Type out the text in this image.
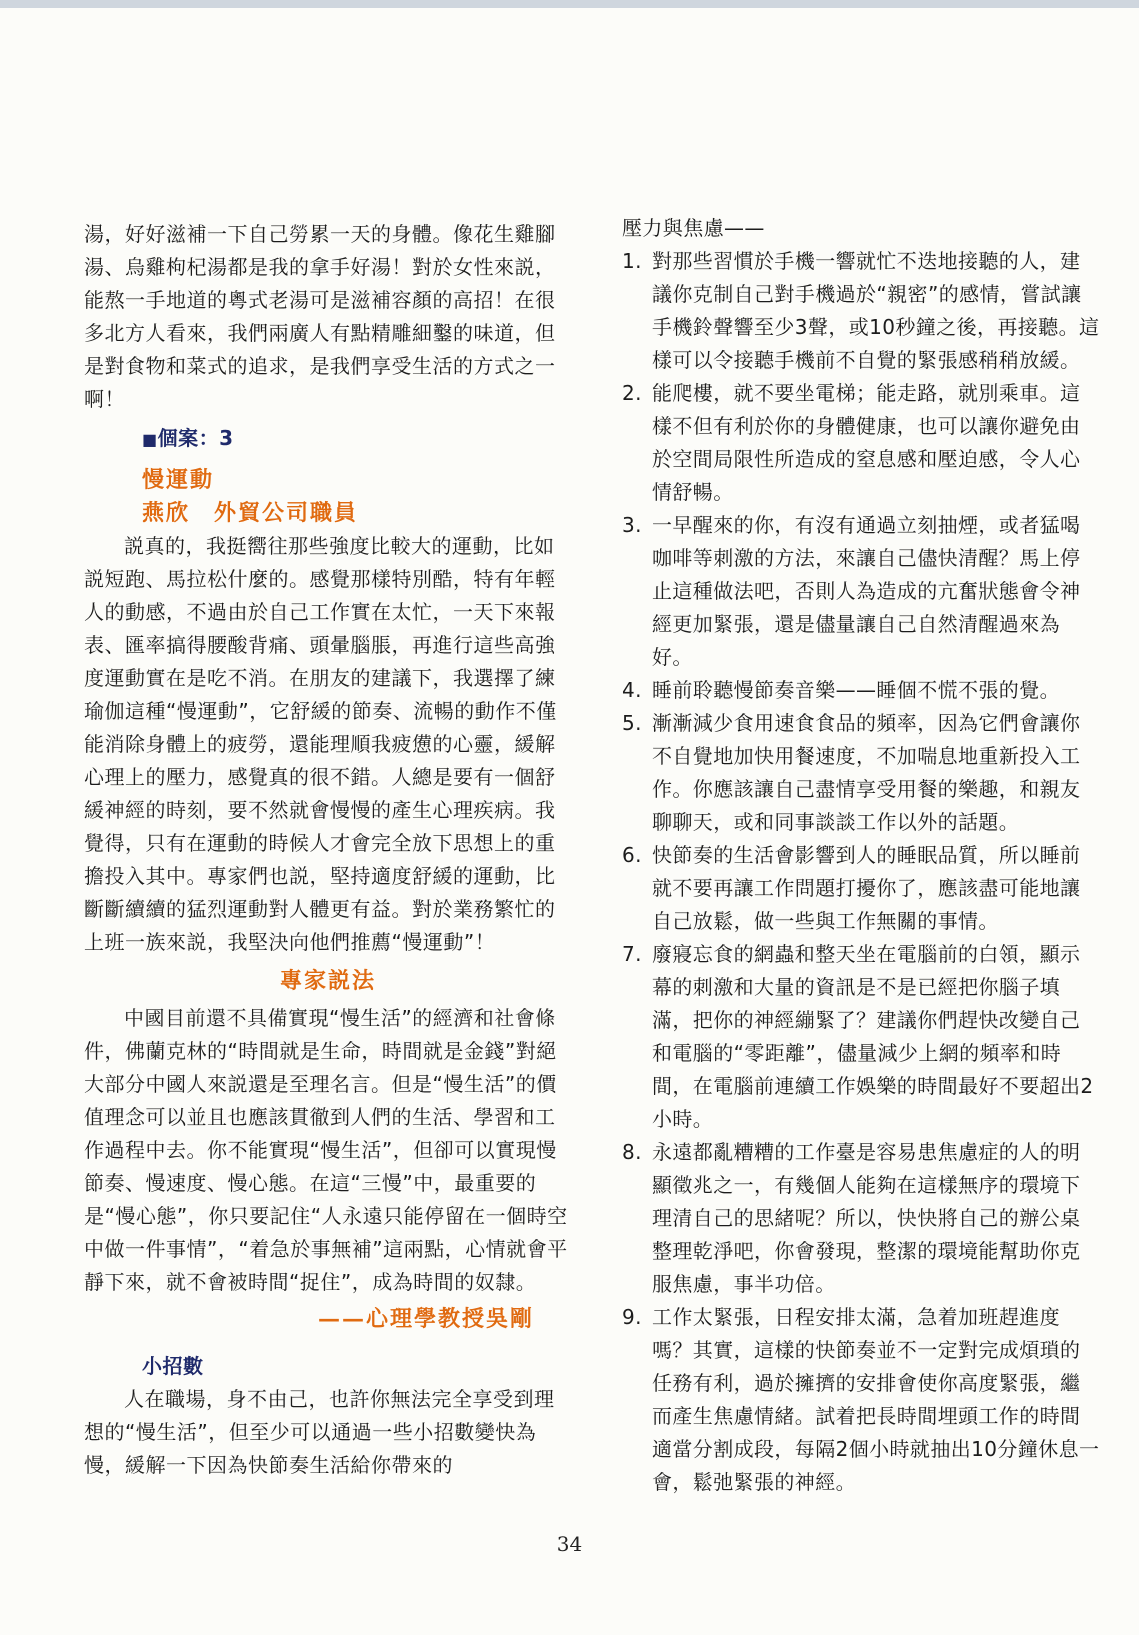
湯，好好滋補一下自己勞累一天的身體。像花生雞腳湯、烏雞枸杞湯都是我的拿手好湯！對於女性來説，能熬一手地道的粵式老湯可是滋補容顏的高招！在很多北方人看來，我們兩廣人有點精雕細鑿的味道，但是對食物和菜式的追求，是我們享受生活的方式之一啊！

■個案：3
慢運動
燕欣　外貿公司職員

説真的，我挺嚮往那些強度比較大的運動，比如説短跑、馬拉松什麼的。感覺那樣特別酷，特有年輕人的動感，不過由於自己工作實在太忙，一天下來報表、匯率搞得腰酸背痛、頭暈腦脹，再進行這些高強度運動實在是吃不消。在朋友的建議下，我選擇了練瑜伽這種“慢運動”，它舒緩的節奏、流暢的動作不僅能消除身體上的疲勞，還能理順我疲憊的心靈，緩解心理上的壓力，感覺真的很不錯。人總是要有一個舒緩神經的時刻，要不然就會慢慢的產生心理疾病。我覺得，只有在運動的時候人才會完全放下思想上的重擔投入其中。專家們也説，堅持適度舒緩的運動，比斷斷續續的猛烈運動對人體更有益。對於業務繁忙的上班一族來説，我堅決向他們推薦“慢運動”！

專家説法

中國目前還不具備實現“慢生活”的經濟和社會條件，佛蘭克林的“時間就是生命，時間就是金錢”對絕大部分中國人來説還是至理名言。但是“慢生活”的價值理念可以並且也應該貫徹到人們的生活、學習和工作過程中去。你不能實現“慢生活”，但卻可以實現慢節奏、慢速度、慢心態。在這“三慢”中，最重要的是“慢心態”，你只要記住“人永遠只能停留在一個時空中做一件事情”，“着急於事無補”這兩點，心情就會平靜下來，就不會被時間“捉住”，成為時間的奴隸。

——心理學教授吳剛
小招數

人在職場，身不由己，也許你無法完全享受到理想的“慢生活”，但至少可以通過一些小招數變快為慢，緩解一下因為快節奏生活給你帶來的

壓力與焦慮——

1. 對那些習慣於手機一響就忙不迭地接聽的人，建議你克制自己對手機過於“親密”的感情，嘗試讓手機鈴聲響至少3聲，或10秒鐘之後，再接聽。這樣可以令接聽手機前不自覺的緊張感稍稍放緩。
2. 能爬樓，就不要坐電梯；能走路，就別乘車。這樣不但有利於你的身體健康，也可以讓你避免由於空間局限性所造成的窒息感和壓迫感，令人心情舒暢。
3. 一早醒來的你，有沒有通過立刻抽煙，或者猛喝咖啡等刺激的方法，來讓自己儘快清醒？馬上停止這種做法吧，否則人為造成的亢奮狀態會令神經更加緊張，還是儘量讓自己自然清醒過來為好。
4. 睡前聆聽慢節奏音樂——睡個不慌不張的覺。
5. 漸漸減少食用速食食品的頻率，因為它們會讓你不自覺地加快用餐速度，不加喘息地重新投入工作。你應該讓自己盡情享受用餐的樂趣，和親友聊聊天，或和同事談談工作以外的話題。
6. 快節奏的生活會影響到人的睡眠品質，所以睡前就不要再讓工作問題打擾你了，應該盡可能地讓自己放鬆，做一些與工作無關的事情。
7. 廢寢忘食的網蟲和整天坐在電腦前的白領，顯示幕的刺激和大量的資訊是不是已經把你腦子填滿，把你的神經繃緊了？建議你們趕快改變自己和電腦的“零距離”，儘量減少上網的頻率和時間，在電腦前連續工作娛樂的時間最好不要超出2小時。
8. 永遠都亂糟糟的工作臺是容易患焦慮症的人的明顯徵兆之一，有幾個人能夠在這樣無序的環境下理清自己的思緒呢？所以，快快將自己的辦公桌整理乾淨吧，你會發現，整潔的環境能幫助你克服焦慮，事半功倍。
9. 工作太緊張，日程安排太滿，急着加班趕進度嗎？其實，這樣的快節奏並不一定對完成煩瑣的任務有利，過於擁擠的安排會使你高度緊張，繼而產生焦慮情緒。試着把長時間埋頭工作的時間適當分割成段，每隔2個小時就抽出10分鐘休息一會，鬆弛緊張的神經。
34
